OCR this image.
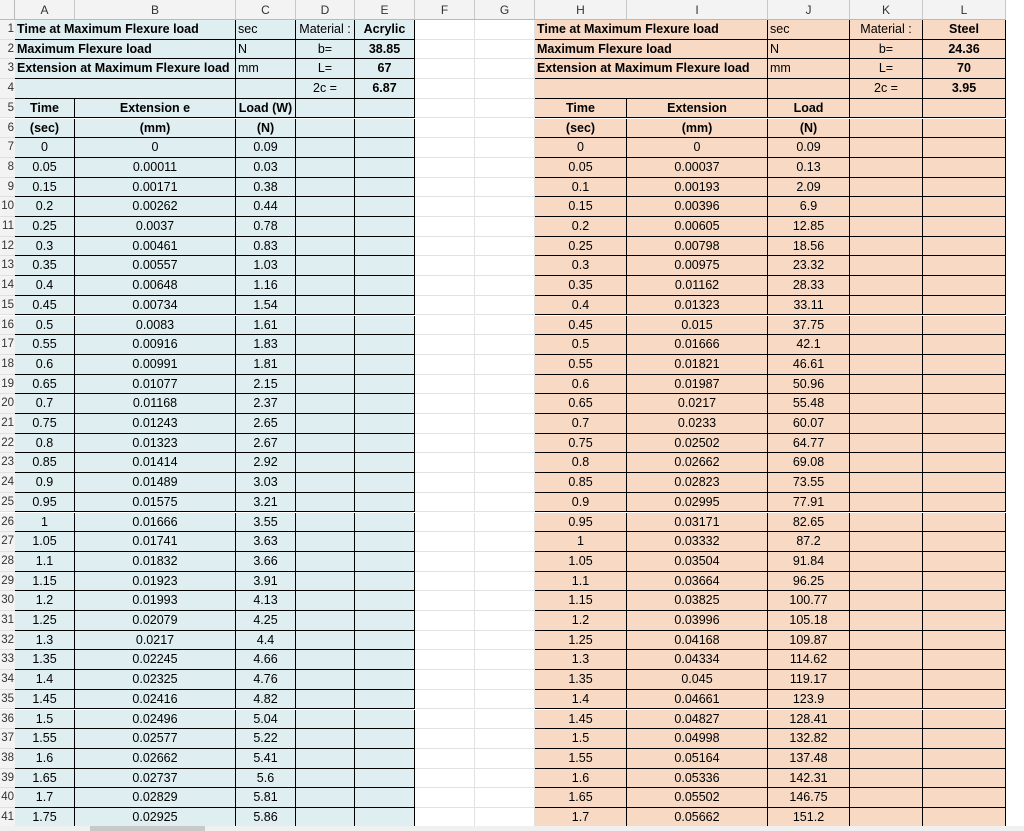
A	B	C	D	E	F	G	H	I	J	K	L
1
2
3
4
5
6
7
8
9
10
11
12
13
14
15
16
17
18
19
20
21
22
23
24
25
26
27
28
29
30
31
32
33
34
35
36
37
38
39
40
41
Time at Maximum Flexure load	sec	Material :	Acrylic
Maximum Flexure load	N	b=	38.85
Extension at Maximum Flexure load mm	L=	67
2c =	6.87
Time	Extension e	Load (W)
(sec)	(mm)	(N)
0	0	0.09
0.05	0.00011	0.03
0.15	0.00171	0.38
0.2	0.00262	0.44
0.25	0.0037	0.78
0.3	0.00461	0.83
0.35	0.00557	1.03
0.4	0.00648	1.16
0.45	0.00734	1.54
0.5	0.0083	1.61
0.55	0.00916	1.83
0.6	0.00991	1.81
0.65	0.01077	2.15
0.7	0.01168	2.37
0.75	0.01243	2.65
0.8	0.01323	2.67
0.85	0.01414	2.92
0.9	0.01489	3.03
0.95	0.01575	3.21
1	0.01666	3.55
1.05	0.01741	3.63
1.1	0.01832	3.66
1.15	0.01923	3.91
1.2	0.01993	4.13
1.25	0.02079	4.25
1.3	0.0217	4.4
1.35	0.02245	4.66
1.4	0.02325	4.76
1.45	0.02416	4.82
1.5	0.02496	5.04
1.55	0.02577	5.22
1.6	0.02662	5.41
1.65	0.02737	5.6
1.7	0.02829	5.81
1.75	0.02925	5.86
Time at Maximum Flexure load	sec	Material :	Steel
Maximum Flexure load	N	b=	24.36
Extension at Maximum Flexure load	mm	L=	70
2c =	3.95
Time	Extension	Load
(sec)	(mm)	(N)
0	0	0.09
0.05	0.00037	0.13
0.1	0.00193	2.09
0.15	0.00396	6.9
0.2	0.00605	12.85
0.25	0.00798	18.56
0.3	0.00975	23.32
0.35	0.01162	28.33
0.4	0.01323	33.11
0.45	0.015	37.75
0.5	0.01666	42.1
0.55	0.01821	46.61
0.6	0.01987	50.96
0.65	0.0217	55.48
0.7	0.0233	60.07
0.75	0.02502	64.77
0.8	0.02662	69.08
0.85	0.02823	73.55
0.9	0.02995	77.91
0.95	0.03171	82.65
1	0.03332	87.2
1.05	0.03504	91.84
1.1	0.03664	96.25
1.15	0.03825	100.77
1.2	0.03996	105.18
1.25	0.04168	109.87
1.3	0.04334	114.62
1.35	0.045	119.17
1.4	0.04661	123.9
1.45	0.04827	128.41
1.5	0.04998	132.82
1.55	0.05164	137.48
1.6	0.05336	142.31
1.65	0.05502	146.75
1.7	0.05662	151.2
